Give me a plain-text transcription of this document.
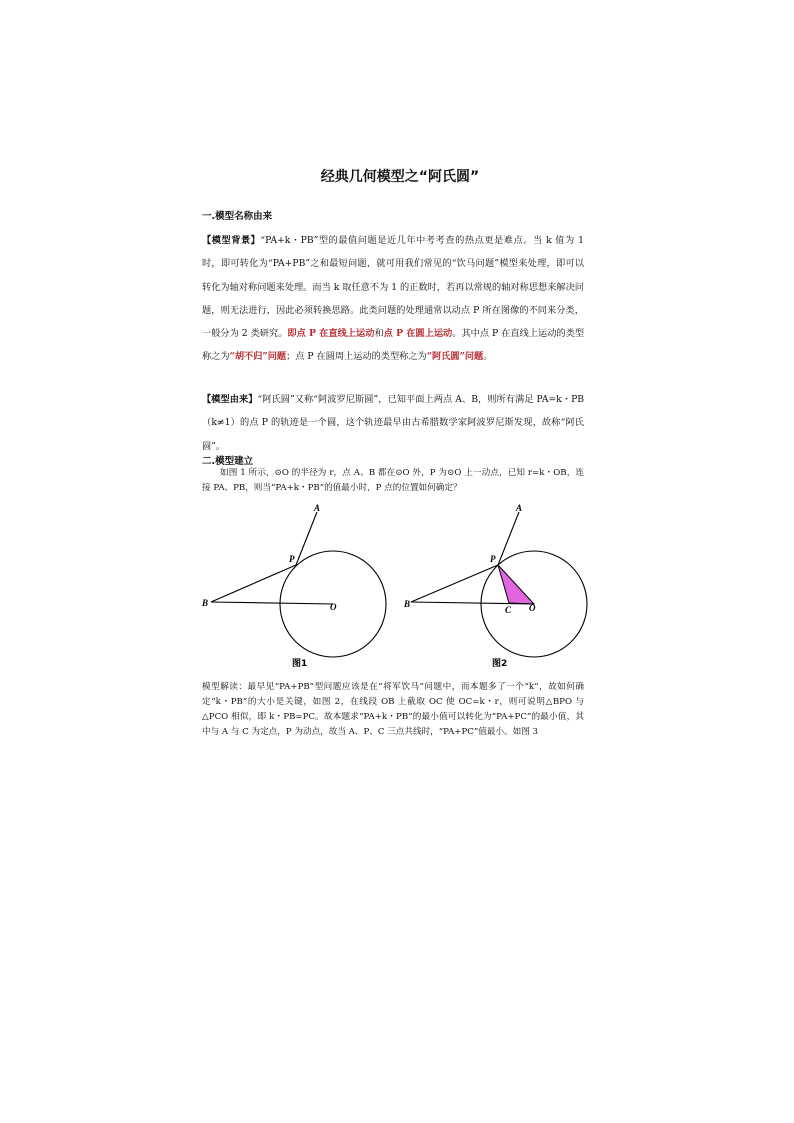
经典几何模型之“阿氏圆”
一.模型名称由来
【模型背景】“PA+k・PB”型的最值问题是近几年中考考查的热点更是难点。当 k 值为 1 时，即可转化为“PA+PB”之和最短问题，就可用我们常见的“饮马问题”模型来处理，即可以转化为轴对称问题来处理。而当 k 取任意不为 1 的正数时，若再以常规的轴对称思想来解决问题，则无法进行，因此必须转换思路。此类问题的处理通常以动点 P 所在图像的不同来分类，一般分为 2 类研究。即点 P 在直线上运动和点 P 在圆上运动。其中点 P 在直线上运动的类型称之为“胡不归”问题；点 P 在圆周上运动的类型称之为“阿氏圆”问题。
【模型由来】“阿氏圆”又称“阿波罗尼斯圆”，已知平面上两点 A、B，则所有满足 PA=k・PB（k≠1）的点 P 的轨迹是一个圆，这个轨迹最早由古希腊数学家阿波罗尼斯发现，故称“阿氏圆”。
二.模型建立
如图 1 所示，⊙O 的半径为 r，点 A、B 都在⊙O 外，P 为⊙O 上一动点，已知 r=k・OB，连接 PA、PB，则当“PA+k・PB”的值最小时，P 点的位置如何确定？
A
P
B	O
图1
A
P
B
C O
图2
模型解读：最早见“PA+PB”型问题应该是在“将军饮马”问题中，而本题多了一个“k”，故如何确定“k・PB”的大小是关键，如图 2，在线段 OB 上截取 OC 使 OC=k・r，则可说明△BPO 与△PCO 相似，即 k・PB=PC。故本题求“PA+k・PB”的最小值可以转化为“PA+PC”的最小值，其中与 A 与 C 为定点，P 为动点，故当 A、P、C 三点共线时，“PA+PC”值最小。如图 3
